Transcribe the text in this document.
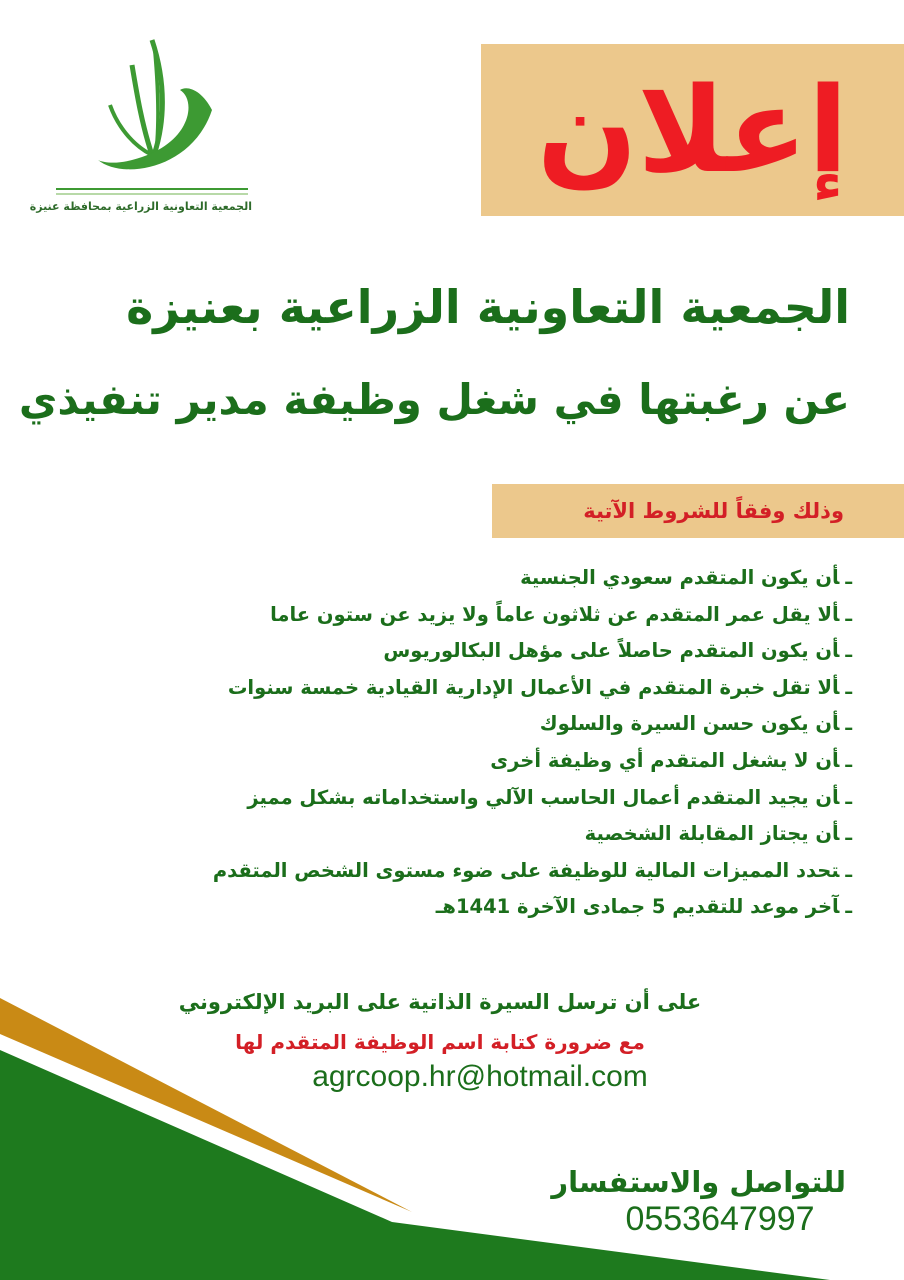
الجمعية التعاونية الزراعية بمحافظة عنيزة
إعلان
الجمعية التعاونية الزراعية بعنيزة
عن رغبتها في شغل وظيفة مدير تنفيذي
وذلك وفقاً للشروط الآتية
ـأن يكون المتقدم سعودي الجنسية
ـألا يقل عمر المتقدم عن ثلاثون عاماً ولا يزيد عن ستون عاما
ـأن يكون المتقدم حاصلاً على مؤهل البكالوريوس
ـألا تقل خبرة المتقدم في الأعمال الإدارية القيادية خمسة سنوات
ـأن يكون حسن السيرة والسلوك
ـأن لا يشغل المتقدم أي وظيفة أخرى
ـأن يجيد المتقدم أعمال الحاسب الآلي واستخداماته بشكل مميز
ـأن يجتاز المقابلة الشخصية
ـتحدد المميزات المالية للوظيفة على ضوء مستوى الشخص المتقدم
ـآخر موعد للتقديم 5 جمادى الآخرة 1441هـ
على أن ترسل السيرة الذاتية على البريد الإلكتروني
مع ضرورة كتابة اسم الوظيفة المتقدم لها
agrcoop.hr@hotmail.com
للتواصل والاستفسار
0553647997
